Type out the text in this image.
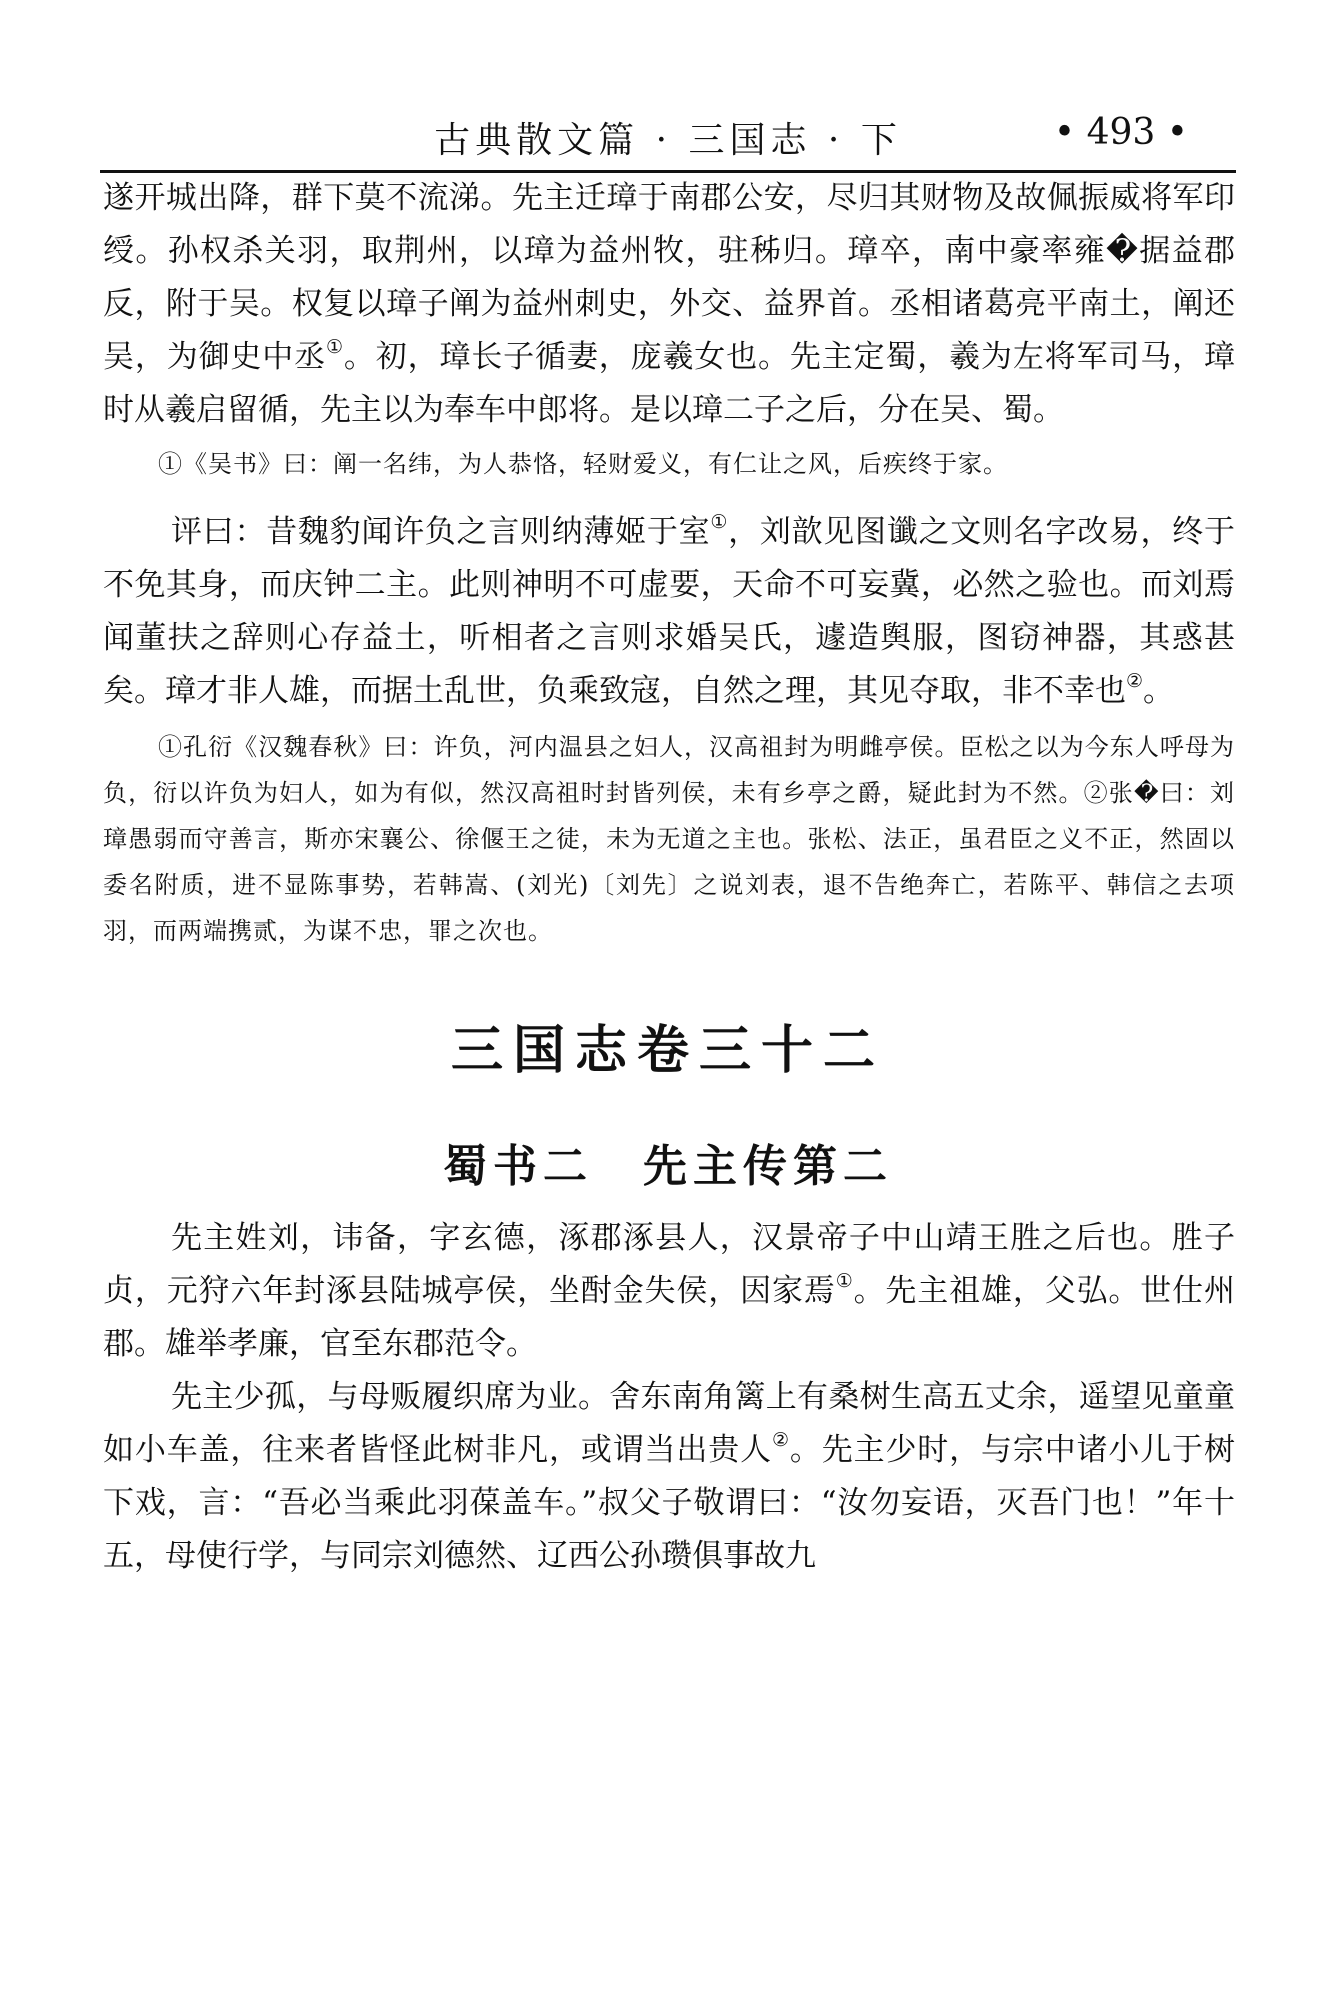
古典散文篇 · 三国志 · 下	• 493 •

遂开城出降，群下莫不流涕。先主迁璋于南郡公安，尽归其财物及故佩振威将军印绶。孙权杀关羽，取荆州，以璋为益州牧，驻秭归。璋卒，南中豪率雍�据益郡反，附于吴。权复以璋子阐为益州刺史，外交、益界首。丞相诸葛亮平南土，阐还吴，为御史中丞①。初，璋长子循妻，庞羲女也。先主定蜀，羲为左将军司马，璋时从羲启留循，先主以为奉车中郎将。是以璋二子之后，分在吴、蜀。

①《吴书》曰：阐一名纬，为人恭恪，轻财爱义，有仁让之风，后疾终于家。

评曰：昔魏豹闻许负之言则纳薄姬于室①，刘歆见图谶之文则名字改易，终于不免其身，而庆钟二主。此则神明不可虚要，天命不可妄冀，必然之验也。而刘焉闻董扶之辞则心存益土，听相者之言则求婚吴氏，遽造舆服，图窃神器，其惑甚矣。璋才非人雄，而据土乱世，负乘致寇，自然之理，其见夺取，非不幸也②。

①孔衍《汉魏春秋》曰：许负，河内温县之妇人，汉高祖封为明雌亭侯。臣松之以为今东人呼母为负，衍以许负为妇人，如为有似，然汉高祖时封皆列侯，未有乡亭之爵，疑此封为不然。②张�曰：刘璋愚弱而守善言，斯亦宋襄公、徐偃王之徒，未为无道之主也。张松、法正，虽君臣之义不正，然固以委名附质，进不显陈事势，若韩嵩、(刘光)〔刘先〕之说刘表，退不告绝奔亡，若陈平、韩信之去项羽，而两端携贰，为谋不忠，罪之次也。

三国志卷三十二
蜀书二　先主传第二

先主姓刘，讳备，字玄德，涿郡涿县人，汉景帝子中山靖王胜之后也。胜子贞，元狩六年封涿县陆城亭侯，坐酎金失侯，因家焉①。先主祖雄，父弘。世仕州郡。雄举孝廉，官至东郡范令。

先主少孤，与母贩履织席为业。舍东南角篱上有桑树生高五丈余，遥望见童童如小车盖，往来者皆怪此树非凡，或谓当出贵人②。先主少时，与宗中诸小儿于树下戏，言：“吾必当乘此羽葆盖车。”叔父子敬谓曰：“汝勿妄语，灭吾门也！”年十五，母使行学，与同宗刘德然、辽西公孙瓒俱事故九
